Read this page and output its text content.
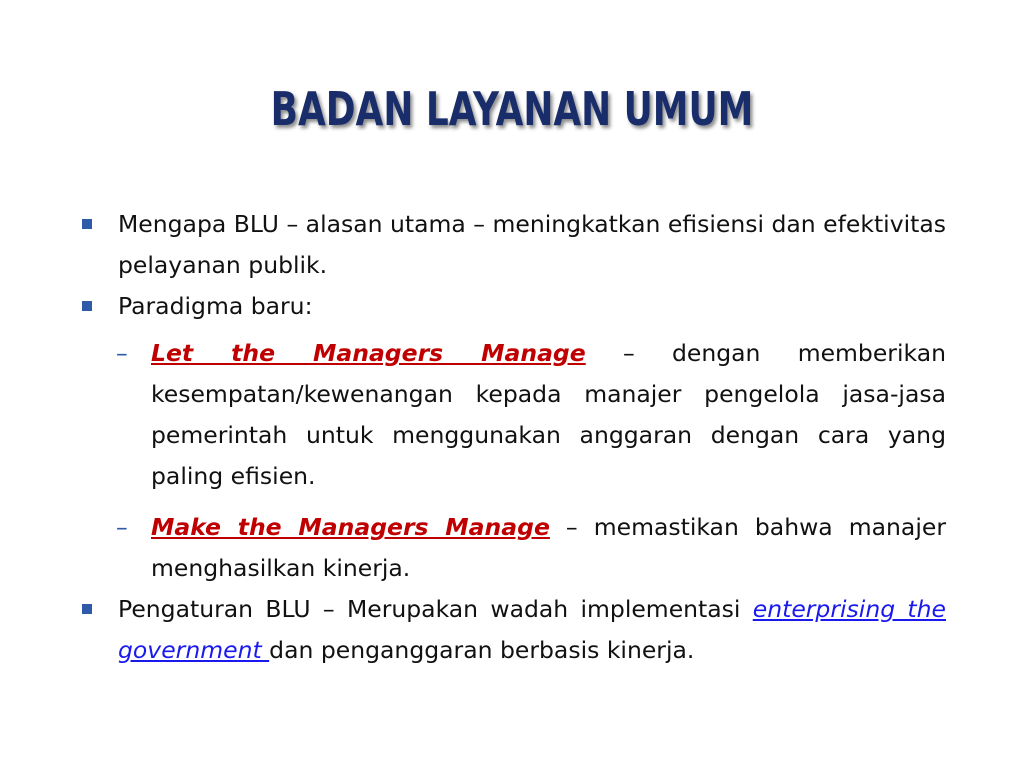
BADAN LAYANAN UMUM
Mengapa BLU – alasan utama – meningkatkan efisiensi dan efektivitas pelayanan publik.
Paradigma baru:
– Let the Managers Manage – dengan memberikan kesempatan/kewenangan kepada manajer pengelola jasa-jasa pemerintah untuk menggunakan anggaran dengan cara yang paling efisien.
– Make the Managers Manage – memastikan bahwa manajer menghasilkan kinerja.
Pengaturan BLU – Merupakan wadah implementasi enterprising the government dan penganggaran berbasis kinerja.
